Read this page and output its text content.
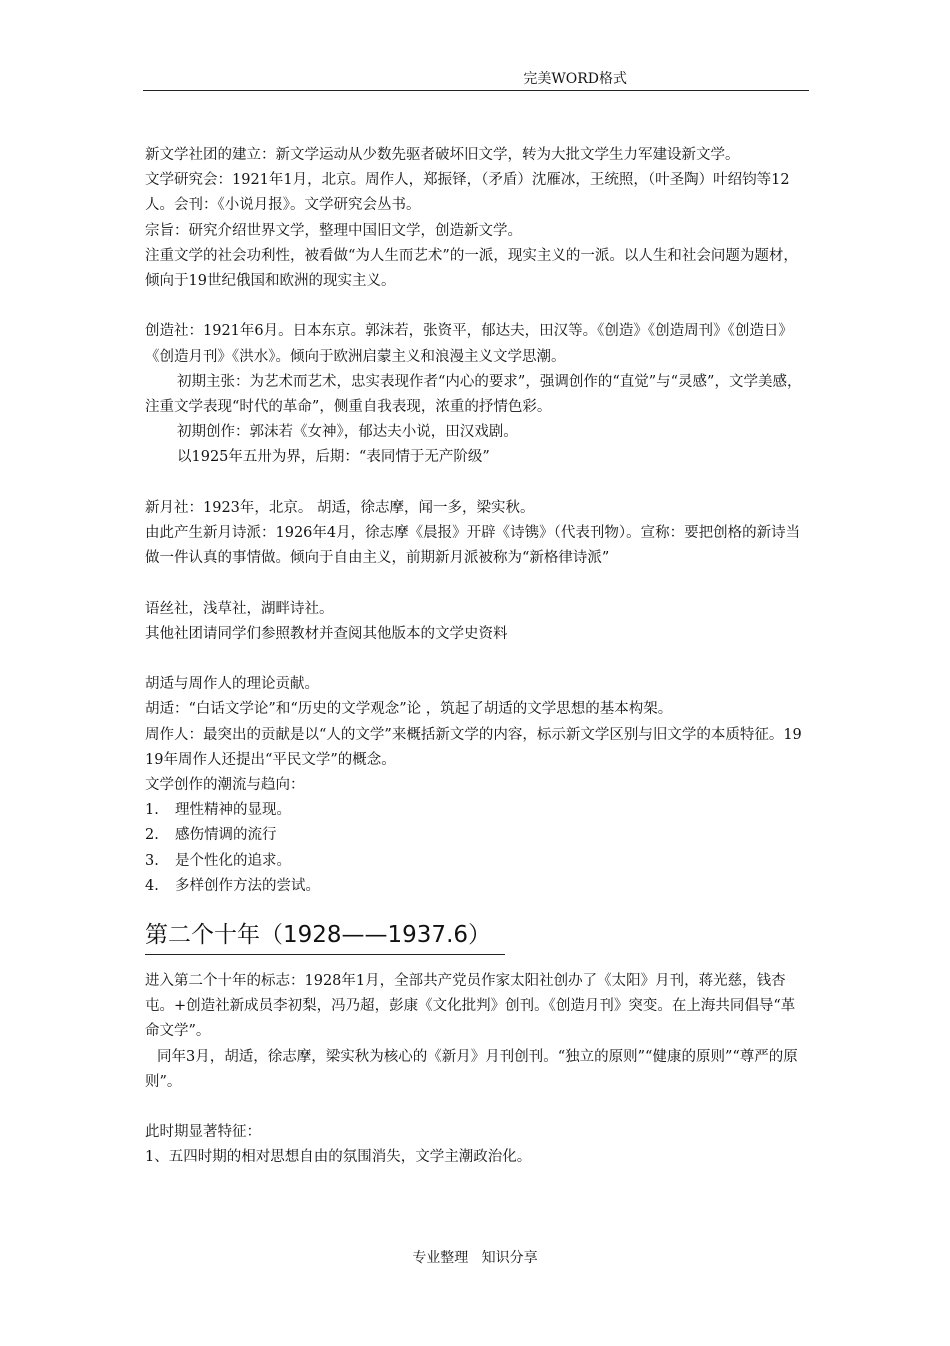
完美WORD格式

新文学社团的建立：新文学运动从少数先驱者破坏旧文学，转为大批文学生力军建设新文学。

文学研究会：1921年1月，北京。周作人，郑振铎，（矛盾）沈雁冰，王统照，（叶圣陶）叶绍钧等12人。会刊：《小说月报》。文学研究会丛书。

宗旨：研究介绍世界文学，整理中国旧文学，创造新文学。

注重文学的社会功利性，被看做“为人生而艺术”的一派，现实主义的一派。以人生和社会问题为题材，倾向于19世纪俄国和欧洲的现实主义。

创造社：1921年6月。日本东京。郭沫若，张资平，郁达夫，田汉等。《创造》《创造周刊》《创造日》《创造月刊》《洪水》。倾向于欧洲启蒙主义和浪漫主义文学思潮。

初期主张：为艺术而艺术，忠实表现作者“内心的要求”，强调创作的“直觉”与“灵感”，文学美感，注重文学表现“时代的革命”，侧重自我表现，浓重的抒情色彩。

初期创作：郭沫若《女神》，郁达夫小说，田汉戏剧。

以1925年五卅为界，后期：“表同情于无产阶级”

新月社：1923年，北京。 胡适，徐志摩，闻一多，梁实秋。

由此产生新月诗派：1926年4月，徐志摩《晨报》开辟《诗镌》（代表刊物）。宣称：要把创格的新诗当做一件认真的事情做。倾向于自由主义，前期新月派被称为“新格律诗派”

语丝社，浅草社，湖畔诗社。

其他社团请同学们参照教材并查阅其他版本的文学史资料

胡适与周作人的理论贡献。

胡适：“白话文学论”和“历史的文学观念”论 ，筑起了胡适的文学思想的基本构架。

周作人：最突出的贡献是以“人的文学”来概括新文学的内容，标示新文学区别与旧文学的本质特征。1919年周作人还提出“平民文学”的概念。

文学创作的潮流与趋向：

1.	理性精神的显现。
2.	感伤情调的流行
3.	是个性化的追求。
4.	多样创作方法的尝试。
第二个十年（1928——1937.6）

进入第二个十年的标志：1928年1月，全部共产党员作家太阳社创办了《太阳》月刊，蒋光慈，钱杏屯。+创造社新成员李初梨，冯乃超，彭康《文化批判》创刊。《创造月刊》突变。在上海共同倡导“革命文学”。

同年3月，胡适，徐志摩，梁实秋为核心的《新月》月刊创刊。“独立的原则”“健康的原则”“尊严的原则”。

此时期显著特征：

1、五四时期的相对思想自由的氛围消失，文学主潮政治化。

专业整理   知识分享
